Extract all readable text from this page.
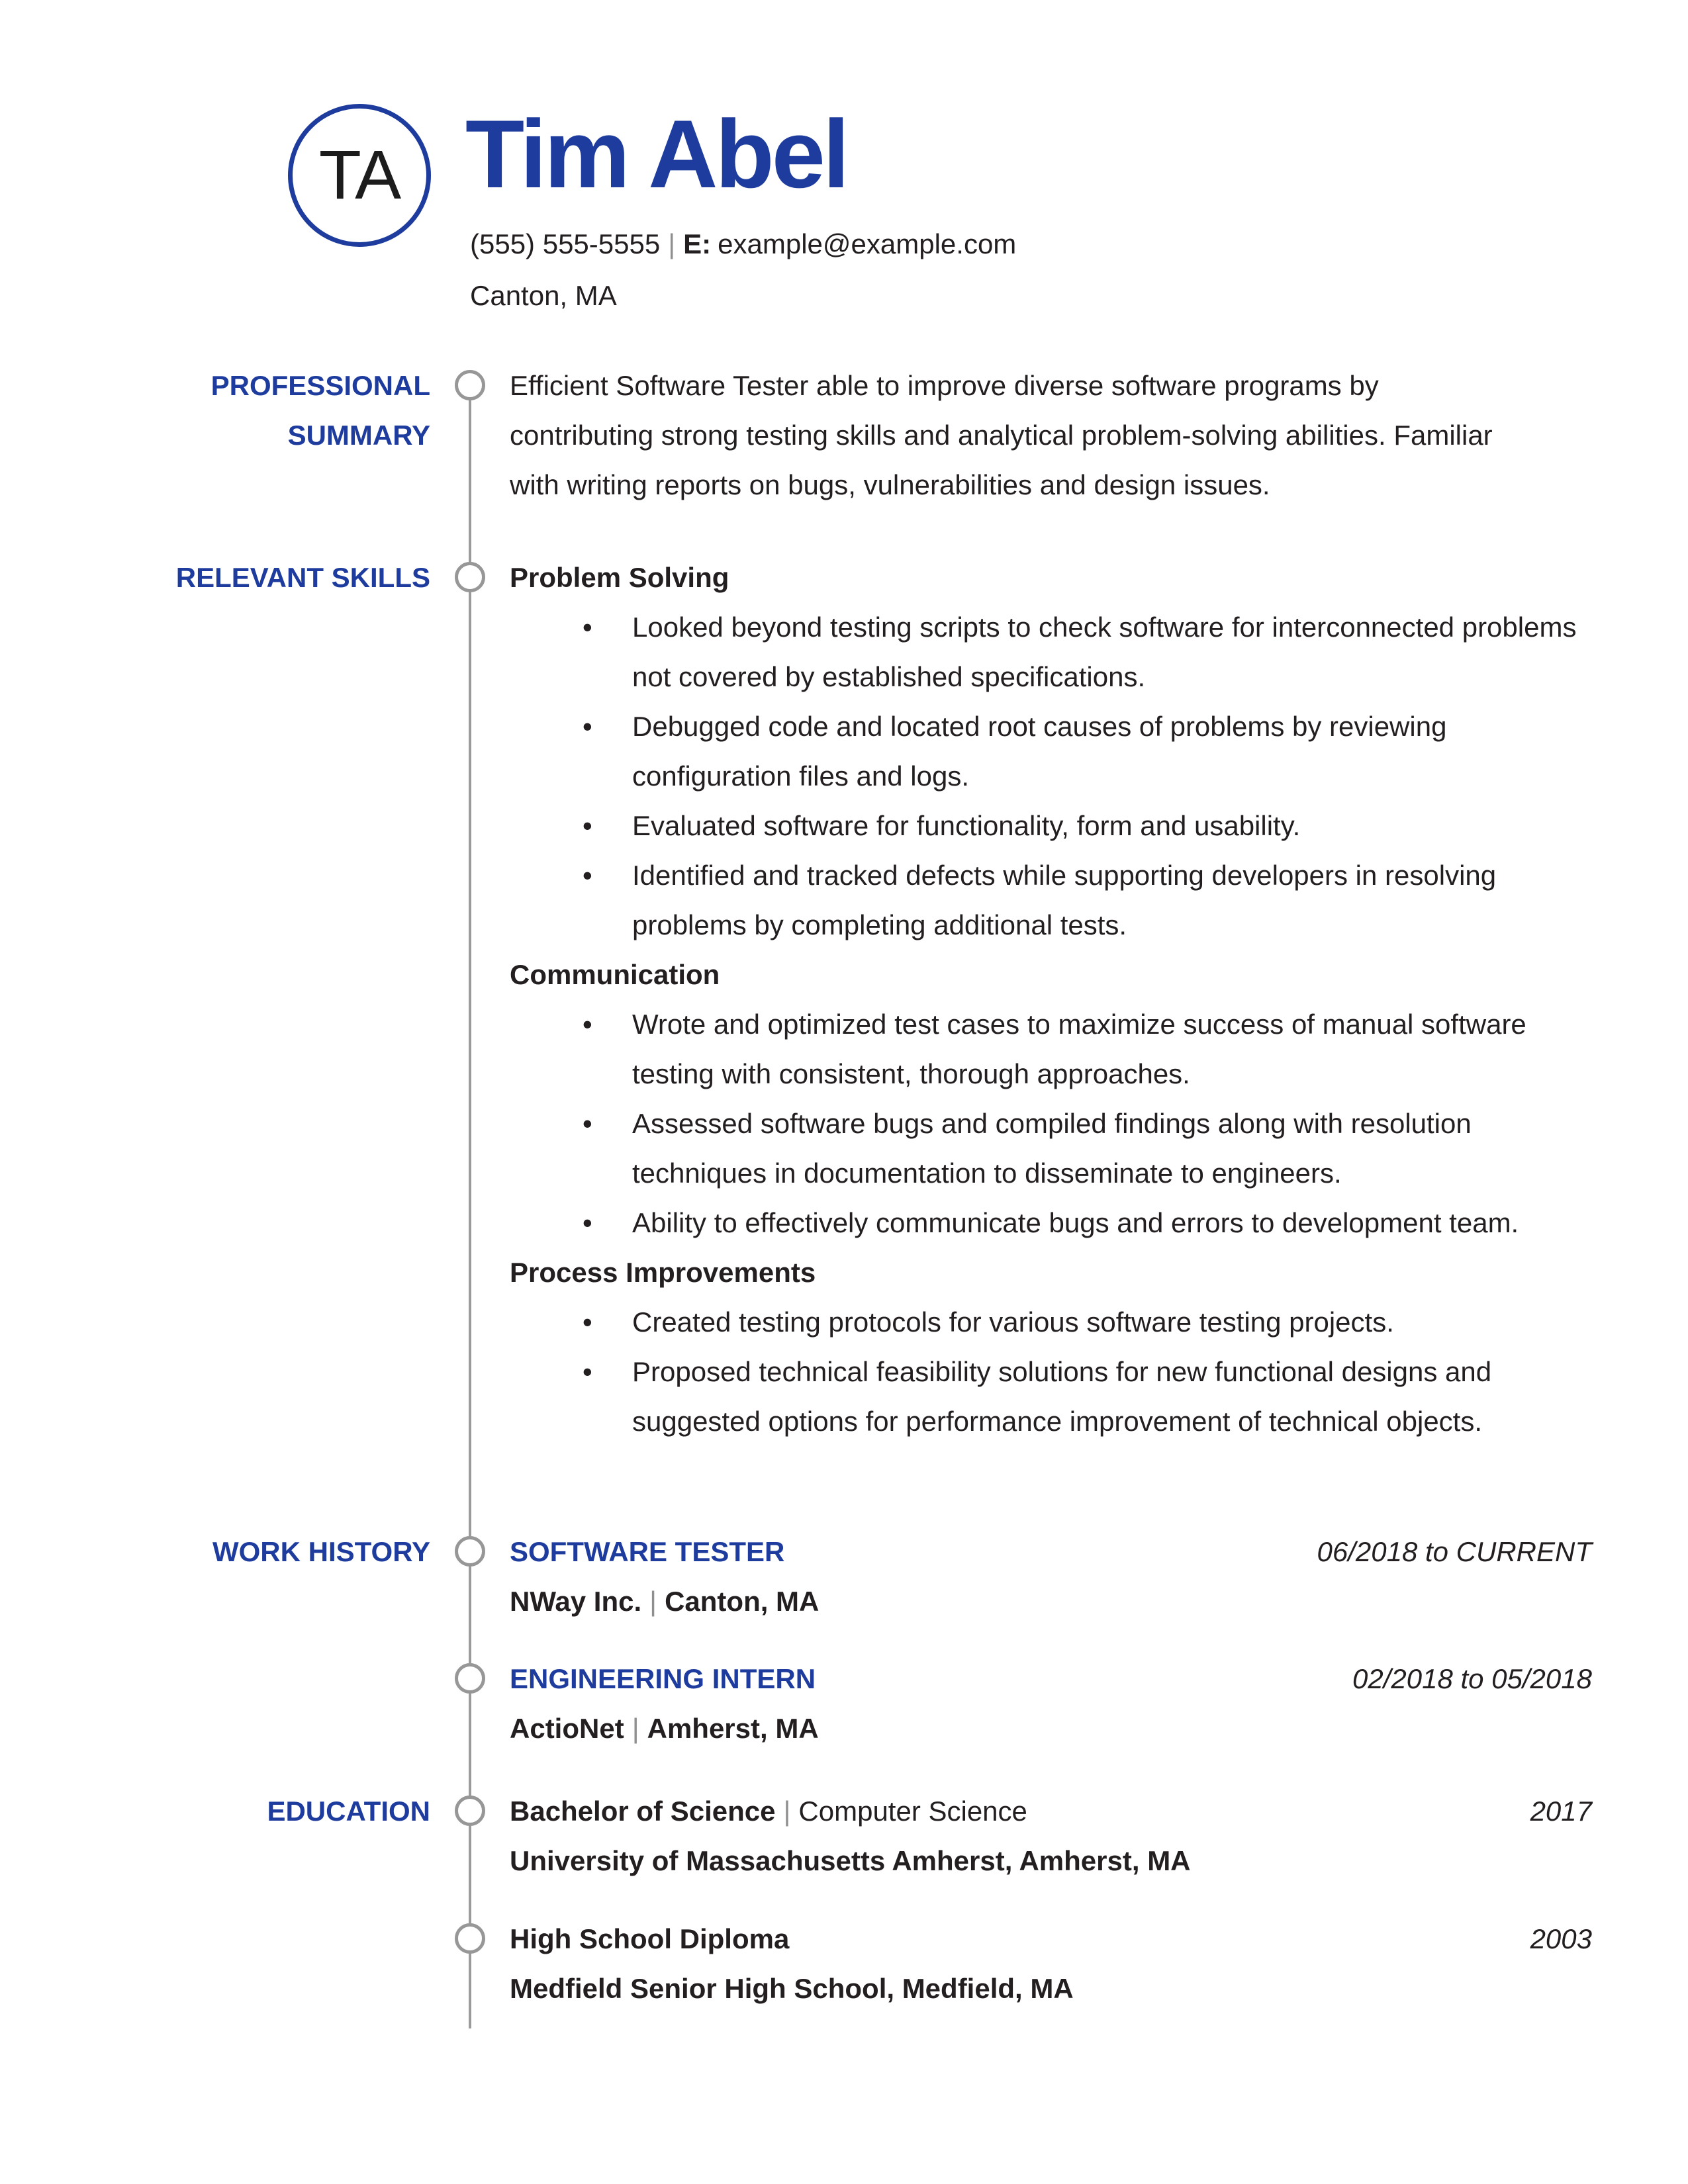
TA Tim Abel
(555) 555-5555 | E: example@example.com
Canton, MA
PROFESSIONAL
SUMMARY
Efficient Software Tester able to improve diverse software programs by
contributing strong testing skills and analytical problem-solving abilities. Familiar
with writing reports on bugs, vulnerabilities and design issues.
RELEVANT SKILLS	Problem Solving
• Looked beyond testing scripts to check software for interconnected problems not covered by established specifications.
• Debugged code and located root causes of problems by reviewing configuration files and logs.
• Evaluated software for functionality, form and usability.
• Identified and tracked defects while supporting developers in resolving problems by completing additional tests.
Communication
• Wrote and optimized test cases to maximize success of manual software testing with consistent, thorough approaches.
• Assessed software bugs and compiled findings along with resolution techniques in documentation to disseminate to engineers.
• Ability to effectively communicate bugs and errors to development team.
Process Improvements
• Created testing protocols for various software testing projects.
• Proposed technical feasibility solutions for new functional designs and suggested options for performance improvement of technical objects.
WORK HISTORY	SOFTWARE TESTER	06/2018 to CURRENT
NWay Inc. | Canton, MA
ENGINEERING INTERN	02/2018 to 05/2018
ActioNet | Amherst, MA
EDUCATION	Bachelor of Science | Computer Science	2017
University of Massachusetts Amherst, Amherst, MA
High School Diploma	2003
Medfield Senior High School, Medfield, MA
